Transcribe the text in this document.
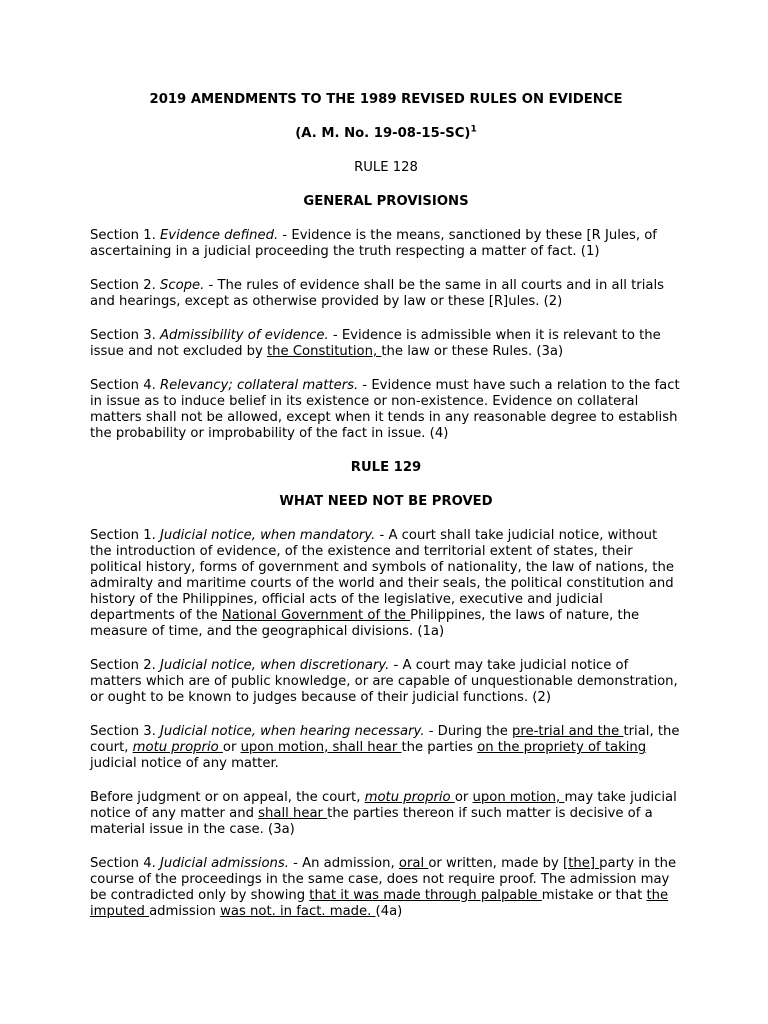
2019 AMENDMENTS TO THE 1989 REVISED RULES ON EVIDENCE

(A. M. No. 19-08-15-SC)$^1$

RULE 128

GENERAL PROVISIONS

Section 1. Evidence defined. - Evidence is the means, sanctioned by these [R Jules, of ascertaining in a judicial proceeding the truth respecting a matter of fact. (1)

Section 2. Scope. - The rules of evidence shall be the same in all courts and in all trials and hearings, except as otherwise provided by law or these [R]ules. (2)

Section 3. Admissibility of evidence. - Evidence is admissible when it is relevant to the issue and not excluded by the Constitution, the law or these Rules. (3a)

Section 4. Relevancy; collateral matters. - Evidence must have such a relation to the fact in issue as to induce belief in its existence or non-existence. Evidence on collateral matters shall not be allowed, except when it tends in any reasonable degree to establish the probability or improbability of the fact in issue. (4)

RULE 129

WHAT NEED NOT BE PROVED

Section 1. Judicial notice, when mandatory. - A court shall take judicial notice, without the introduction of evidence, of the existence and territorial extent of states, their political history, forms of government and symbols of nationality, the law of nations, the admiralty and maritime courts of the world and their seals, the political constitution and history of the Philippines, official acts of the legislative, executive and judicial departments of the National Government of the Philippines, the laws of nature, the measure of time, and the geographical divisions. (1a)

Section 2. Judicial notice, when discretionary. - A court may take judicial notice of matters which are of public knowledge, or are capable of unquestionable demonstration, or ought to be known to judges because of their judicial functions. (2)

Section 3. Judicial notice, when hearing necessary. - During the pre-trial and the trial, the court, motu proprio or upon motion, shall hear the parties on the propriety of taking judicial notice of any matter.

Before judgment or on appeal, the court, motu proprio or upon motion, may take judicial notice of any matter and shall hear the parties thereon if such matter is decisive of a material issue in the case. (3a)

Section 4. Judicial admissions. - An admission, oral or written, made by [the] party in the course of the proceedings in the same case, does not require proof. The admission may be contradicted only by showing that it was made through palpable mistake or that the imputed admission was not. in fact. made. (4a)
